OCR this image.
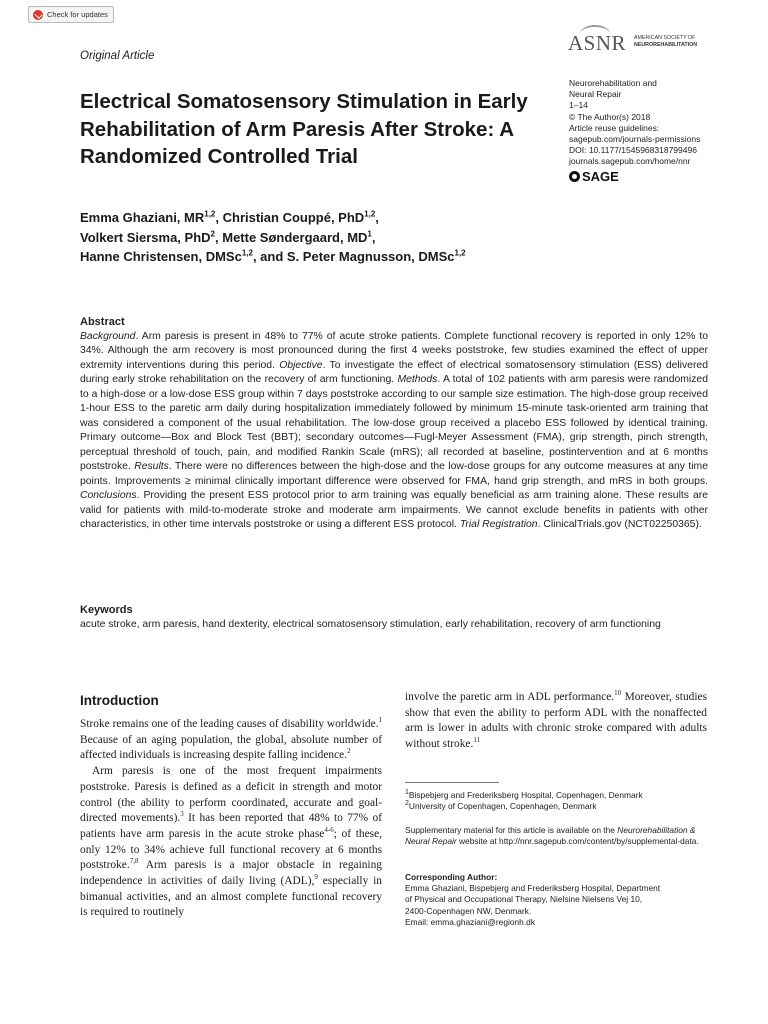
Check for updates
Original Article
ASNR AMERICAN SOCIETY OF
NEUROREHABILITATION
Neurorehabilitation and
Neural Repair
1–14
© The Author(s) 2018
Article reuse guidelines:
sagepub.com/journals-permissions
DOI: 10.1177/1545968318799496
journals.sagepub.com/home/nnr
SAGE
Electrical Somatosensory Stimulation in Early Rehabilitation of Arm Paresis After Stroke: A Randomized Controlled Trial
Emma Ghaziani, MR$^{1,2}$, Christian Couppé, PhD$^{1,2}$,
Volkert Siersma, PhD$^2$, Mette Søndergaard, $MD^1$,
Hanne Christensen, DMSc$^{1,2}$, and S. Peter Magnusson, DMSc$^{1,2}$
Abstract
Background. Arm paresis is present in 48% to 77% of acute stroke patients. Complete functional recovery is reported in only 12% to 34%. Although the arm recovery is most pronounced during the first 4 weeks poststroke, few studies examined the effect of upper extremity interventions during this period. Objective. To investigate the effect of electrical somatosensory stimulation (ESS) delivered during early stroke rehabilitation on the recovery of arm functioning. Methods. A total of 102 patients with arm paresis were randomized to a high-dose or a low-dose ESS group within 7 days poststroke according to our sample size estimation. The high-dose group received 1-hour ESS to the paretic arm daily during hospitalization immediately followed by minimum 15-minute task-oriented arm training that was considered a component of the usual rehabilitation. The low-dose group received a placebo ESS followed by identical training. Primary outcome—Box and Block Test (BBT); secondary outcomes—Fugl-Meyer Assessment (FMA), grip strength, pinch strength, perceptual threshold of touch, pain, and modified Rankin Scale (mRS); all recorded at baseline, postintervention and at 6 months poststroke. Results. There were no differences between the high-dose and the low-dose groups for any outcome measures at any time points. Improvements ≥ minimal clinically important difference were observed for FMA, hand grip strength, and mRS in both groups. Conclusions. Providing the present ESS protocol prior to arm training was equally beneficial as arm training alone. These results are valid for patients with mild-to-moderate stroke and moderate arm impairments. We cannot exclude benefits in patients with other characteristics, in other time intervals poststroke or using a different ESS protocol. Trial Registration. ClinicalTrials.gov (NCT02250365).
Keywords
acute stroke, arm paresis, hand dexterity, electrical somatosensory stimulation, early rehabilitation, recovery of arm functioning
Introduction

Stroke remains one of the leading causes of disability worldwide.$^1$ Because of an aging population, the global, absolute number of affected individuals is increasing despite falling incidence.$^2$

Arm paresis is one of the most frequent impairments poststroke. Paresis is defined as a deficit in strength and motor control (the ability to perform coordinated, accurate and goal-directed movements).$^3$ It has been reported that 48% to 77% of patients have arm paresis in the acute stroke phase$^{4-6}$; of these, only 12% to 34% achieve full functional recovery at 6 months poststroke.$^{7,8}$ Arm paresis is a major obstacle in regaining independence in activities of daily living (ADL),$^9$ especially in bimanual activities, and an almost complete functional recovery is required to routinely

involve the paretic arm in ADL performance.$^{10}$ Moreover, studies show that even the ability to perform ADL with the nonaffected arm is lower in adults with chronic stroke compared with adults without stroke.$^{11}$
$^1$Bispebjerg and Frederiksberg Hospital, Copenhagen, Denmark
$^2$University of Copenhagen, Copenhagen, Denmark
Supplementary material for this article is available on the Neurorehabilitation & Neural Repair website at http://nnr.sagepub.com/content/by/supplemental-data.
Corresponding Author:
Emma Ghaziani, Bispebjerg and Frederiksberg Hospital, Department
of Physical and Occupational Therapy, Nielsine Nielsens Vej 10,
2400-Copenhagen NW, Denmark.
Email: emma.ghaziani@regionh.dk
